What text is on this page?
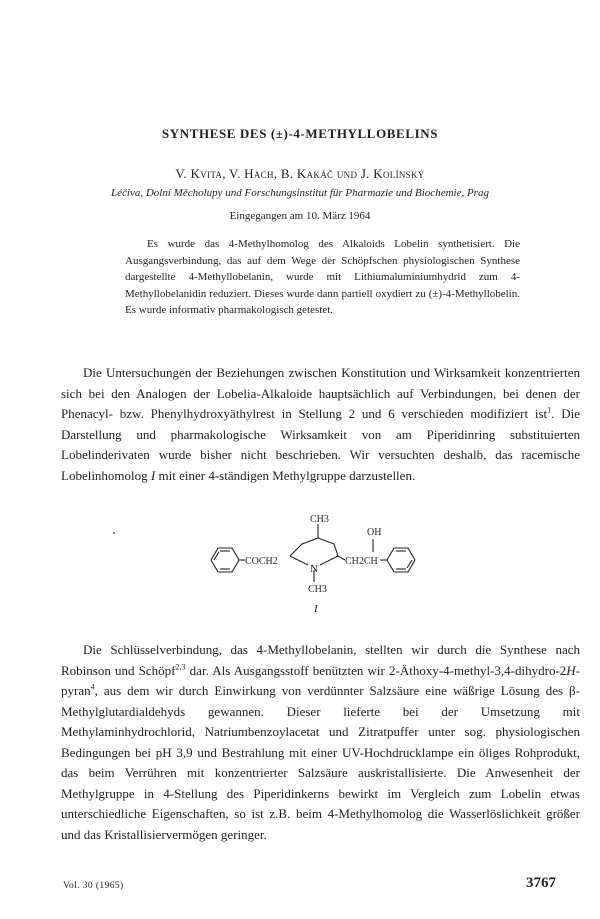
SYNTHESE DES (±)-4-METHYLLOBELINS
V. Kvita, V. Hach, B. Kakáč und J. Kolínský
Léčiva, Dolní Měcholupy und Forschungsinstitut für Pharmazie und Biochemie, Prag
Eingegangen am 10. März 1964

Es wurde das 4-Methylhomolog des Alkaloids Lobelin synthetisiert. Die Ausgangsverbindung, das auf dem Wege der Schöpfschen physiologischen Synthese dargestellte 4-Methyllobelanin, wurde mit Lithiumaluminiumhydrid zum 4-Methyllobelanidin reduziert. Dieses wurde dann partiell oxydiert zu (±)-4-Methyllobelin. Es wurde informativ pharmakologisch getestet.

Die Untersuchungen der Beziehungen zwischen Konstitution und Wirksamkeit konzentrierten sich bei den Analogen der Lobelia-Alkaloide hauptsächlich auf Verbindungen, bei denen der Phenacyl- bzw. Phenylhydroxyäthylrest in Stellung 2 und 6 verschieden modifiziert ist$^1$. Die Darstellung und pharmakologische Wirksamkeit von am Piperidinring substituierten Lobelinderivaten wurde bisher nicht beschrieben. Wir versuchten deshalb, das racemische Lobelinhomolog I mit einer 4-ständigen Methylgruppe darzustellen.

COCH2
CH3
N
CH3
CH2CH
OH
I

Die Schlüsselverbindung, das 4-Methyllobelanin, stellten wir durch die Synthese nach Robinson und Schöpf$^{2,3}$ dar. Als Ausgangsstoff benützten wir 2-Äthoxy-4-methyl-3,4-dihydro-2H-pyran$^4$, aus dem wir durch Einwirkung von verdünnter Salzsäure eine wäßrige Lösung des β-Methylglutardialdehyds gewannen. Dieser lieferte bei der Umsetzung mit Methylaminhydrochlorid, Natriumbenzoylacetat und Zitratpuffer unter sog. physiologischen Bedingungen bei pH 3,9 und Bestrahlung mit einer UV-Hochdrucklampe ein öliges Rohprodukt, das beim Verrühren mit konzentrierter Salzsäure auskristallisierte. Die Anwesenheit der Methylgruppe in 4-Stellung des Piperidinkerns bewirkt im Vergleich zum Lobelin etwas unterschiedliche Eigenschaften, so ist z.B. beim 4-Methylhomolog die Wasserlöslichkeit größer und das Kristallisiervermögen geringer.

Vol. 30 (1965)	3767
